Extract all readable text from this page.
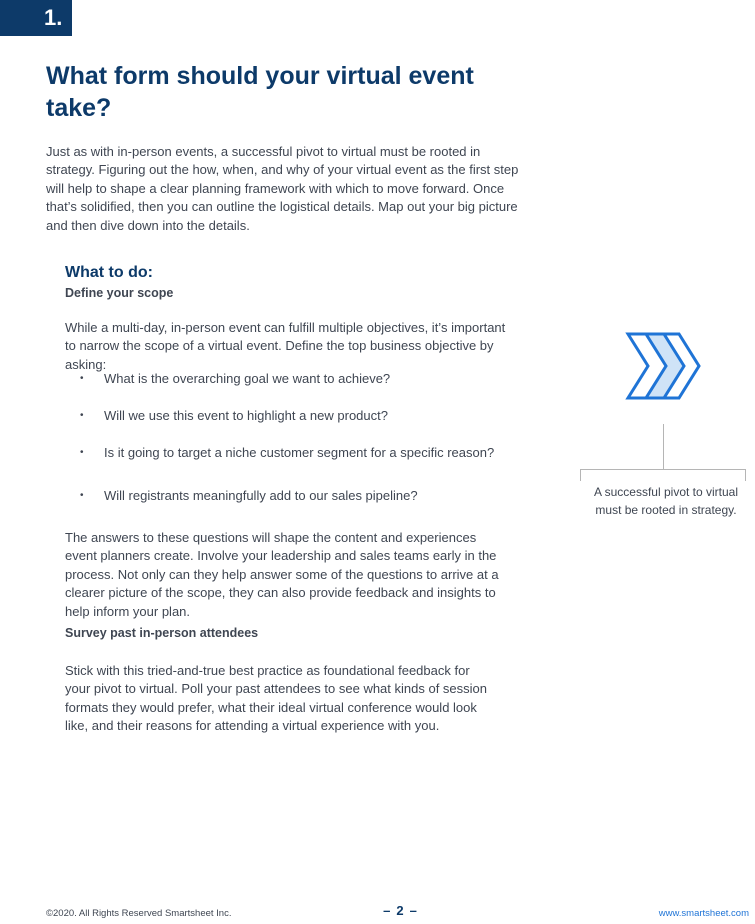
1.
What form should your virtual event take?

Just as with in-person events, a successful pivot to virtual must be rooted in strategy. Figuring out the how, when, and why of your virtual event as the first step will help to shape a clear planning framework with which to move forward. Once that’s solidified, then you can outline the logistical details. Map out your big picture and then dive down into the details.

What to do:
Define your scope

While a multi-day, in-person event can fulfill multiple objectives, it’s important to narrow the scope of a virtual event. Define the top business objective by asking:

• What is the overarching goal we want to achieve?
• Will we use this event to highlight a new product?
• Is it going to target a niche customer segment for a specific reason?
• Will registrants meaningfully add to our sales pipeline?

The answers to these questions will shape the content and experiences event planners create. Involve your leadership and sales teams early in the process. Not only can they help answer some of the questions to arrive at a clearer picture of the scope, they can also provide feedback and insights to help inform your plan.

Survey past in-person attendees

Stick with this tried-and-true best practice as foundational feedback for your pivot to virtual. Poll your past attendees to see what kinds of session formats they would prefer, what their ideal virtual conference would look like, and their reasons for attending a virtual experience with you.

A successful pivot to virtual must be rooted in strategy.
©2020. All Rights Reserved Smartsheet Inc.	– 2 –	www.smartsheet.com
